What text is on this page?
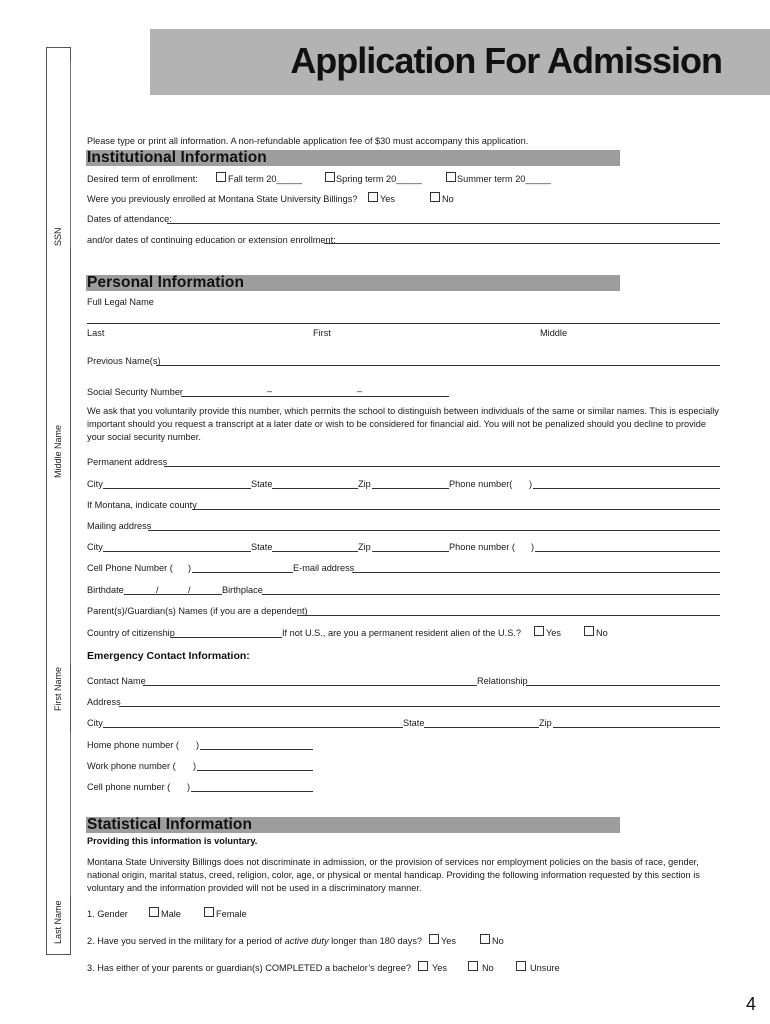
Application For Admission
SSN
Middle Name
First Name
Last Name
Please type or print all information. A non-refundable application fee of $30 must accompany this application.
Institutional Information
Desired term of enrollment:	Fall term 20_____	Spring term 20_____	Summer term 20_____
Were you previously enrolled at Montana State University Billings? Yes	No
Dates of attendance:
and/or dates of continuing education or extension enrollment:
Personal Information
Full Legal Name
Last	First	Middle
Previous Name(s)
Social Security Number	–	–
We ask that you voluntarily provide this number, which permits the school to distinguish between individuals of the same or similar names. This is especially important should you request a transcript at a later date or wish to be considered for financial aid. You will not be penalized should you decline to provide your social security number.
Permanent address
City	State	Zip	Phone number( )
If Montana, indicate county
Mailing address
City	State	Zip	Phone number ( )
Cell Phone Number ( )	E-mail address
Birthdate	/	/	Birthplace
Parent(s)/Guardian(s) Names (if you are a dependent)
Country of citizenship	If not U.S., are you a permanent resident alien of the U.S.?	Yes	No
Emergency Contact Information:
Contact Name	Relationship
Address
City	State	Zip
Home phone number ( )
Work phone number ( )
Cell phone number ( )
Statistical Information
Providing this information is voluntary.
Montana State University Billings does not discriminate in admission, or the provision of services nor employment policies on the basis of race, gender, national origin, marital status, creed, religion, color, age, or physical or mental handicap. Providing the following information requested by this section is voluntary and the information provided will not be used in a discriminatory manner.
1. Gender	Male	Female
2. Have you served in the military for a period of active duty longer than 180 days? Yes	No
3. Has either of your parents or guardian(s) COMPLETED a bachelor’s degree? Yes	No	Unsure
4
